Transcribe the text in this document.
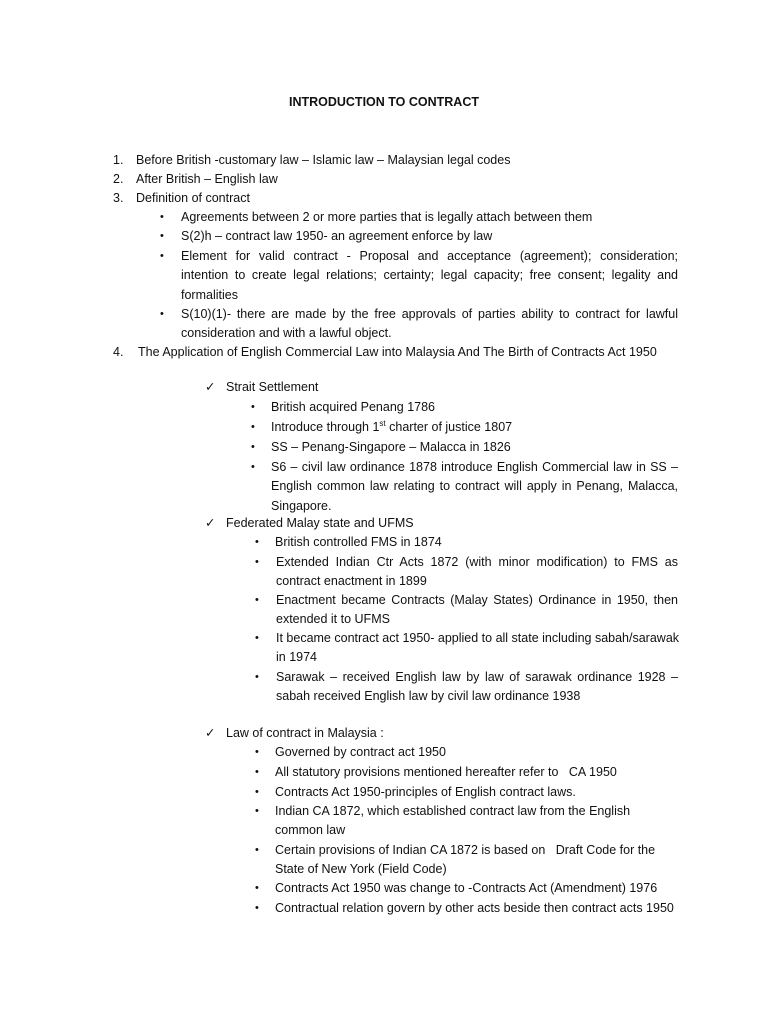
INTRODUCTION TO CONTRACT
1.	Before British -customary law – Islamic law – Malaysian legal codes

2.	After British – English law

3.	Definition of contract

• Agreements between 2 or more parties that is legally attach between them

• S(2)h – contract law 1950- an agreement enforce by law

• Element for valid contract - Proposal and acceptance (agreement); consideration; intention to create legal relations; certainty; legal capacity; free consent; legality and formalities

• S(10)(1)- there are made by the free approvals of parties ability to contract for lawful consideration and with a lawful object.

4.	The Application of English Commercial Law into Malaysia And The Birth of Contracts Act 1950

✓ Strait Settlement

• British acquired Penang 1786

• Introduce through 1st charter of justice 1807

• SS – Penang-Singapore – Malacca in 1826

• S6 – civil law ordinance 1878 introduce English Commercial law in SS – English common law relating to contract will apply in Penang, Malacca, Singapore.

✓ Federated Malay state and UFMS

• British controlled FMS in 1874

• Extended Indian Ctr Acts 1872 (with minor modification) to FMS as contract enactment in 1899

• Enactment became Contracts (Malay States) Ordinance in 1950, then extended it to UFMS

• It became contract act 1950- applied to all state including sabah/sarawak in 1974

• Sarawak – received English law by law of sarawak ordinance 1928 – sabah received English law by civil law ordinance 1938

✓ Law of contract in Malaysia :

• Governed by contract act 1950

• All statutory provisions mentioned hereafter refer to   CA 1950

• Contracts Act 1950-principles of English contract laws.

• Indian CA 1872, which established contract law from the English common law

• Certain provisions of Indian CA 1872 is based on   Draft Code for the State of New York (Field Code)

• Contracts Act 1950 was change to -Contracts Act (Amendment) 1976

• Contractual relation govern by other acts beside then contract acts 1950
